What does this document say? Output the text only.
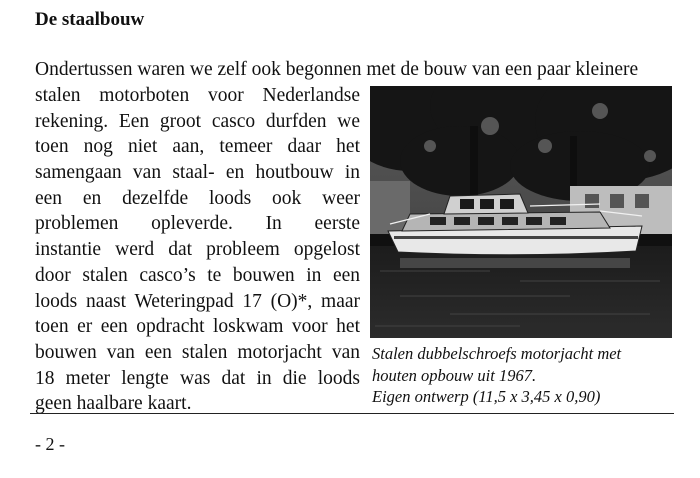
De staalbouw
Ondertussen waren we zelf ook begonnen met de bouw van een paar kleinere
stalen motorboten voor Nederlandse
rekening. Een groot casco durfden we
toen nog niet aan, temeer daar het
samengaan van staal- en houtbouw in
een en dezelfde loods ook weer
problemen opleverde. In eerste
instantie werd dat probleem opgelost
door stalen casco’s te bouwen in een
loods naast Weteringpad 17 (O)*, maar
toen er een opdracht loskwam voor het
bouwen van een stalen motorjacht van
18 meter lengte was dat in die loods
geen haalbare kaart.
Stalen dubbelschroefs motorjacht met
houten opbouw uit 1967.
Eigen ontwerp (11,5 x 3,45 x 0,90)
- 2 -
